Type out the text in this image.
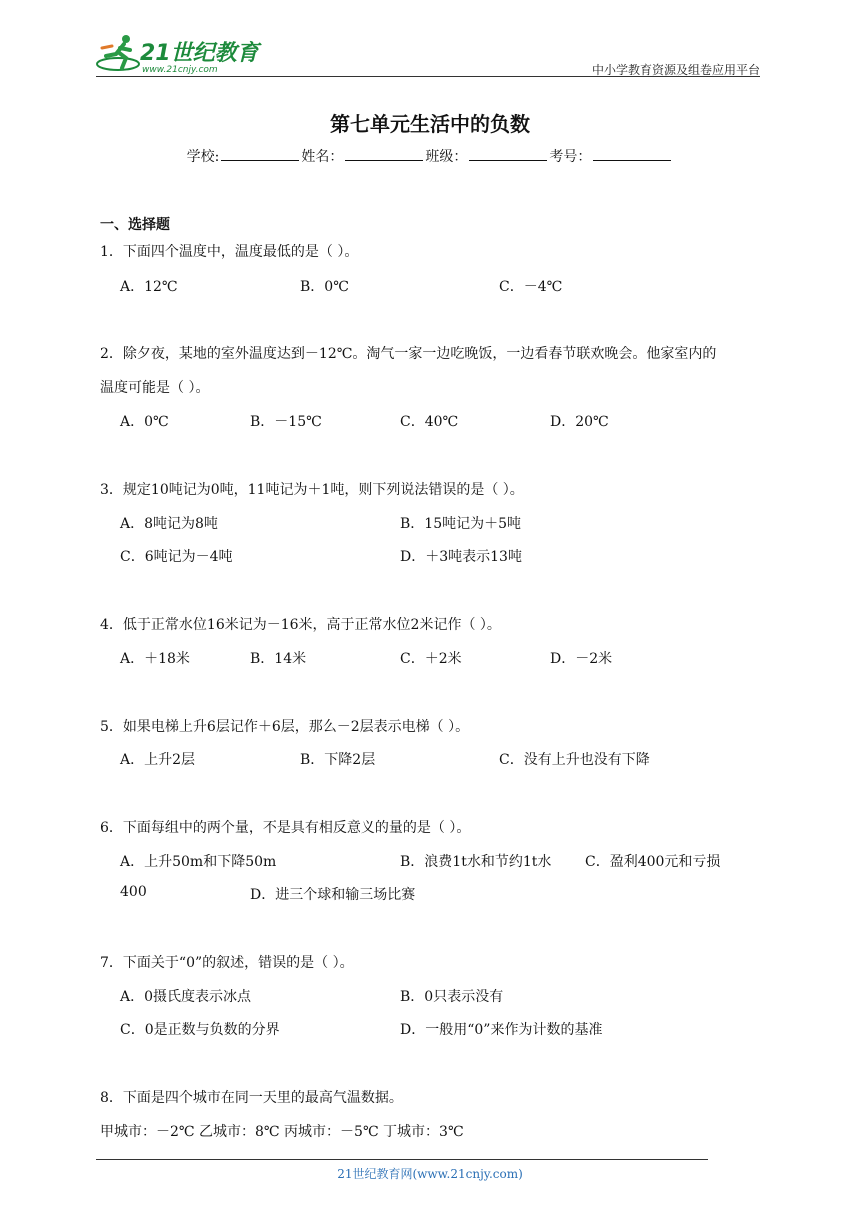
21世纪教育
www.21cnjy.com	中小学教育资源及组卷应用平台
第七单元生活中的负数
学校:	姓名：	班级：	考号：
一、选择题
1．下面四个温度中，温度最低的是（ ）。
A．12℃	B．0℃	C．－4℃
2．除夕夜，某地的室外温度达到－12℃。淘气一家一边吃晚饭，一边看春节联欢晚会。他家室内的
温度可能是（ ）。
A．0℃	B．－15℃	C．40℃	D．20℃
3．规定10吨记为0吨，11吨记为＋1吨，则下列说法错误的是（ ）。
A．8吨记为8吨	B．15吨记为＋5吨
C．6吨记为－4吨	D．＋3吨表示13吨
4．低于正常水位16米记为－16米，高于正常水位2米记作（ ）。
A．＋18米	B．14米	C．＋2米	D．－2米
5．如果电梯上升6层记作＋6层，那么－2层表示电梯（ ）。
A．上升2层	B．下降2层	C．没有上升也没有下降
6．下面每组中的两个量，不是具有相反意义的量的是（ ）。
A．上升50m和下降50m	B．浪费1t水和节约1t水 C．盈利400元和亏损
400	D．进三个球和输三场比赛
7．下面关于“0”的叙述，错误的是（ ）。
A．0摄氏度表示冰点	B．0只表示没有
C．0是正数与负数的分界	D．一般用“0”来作为计数的基准
8．下面是四个城市在同一天里的最高气温数据。
甲城市：－2℃ 乙城市：8℃ 丙城市：－5℃ 丁城市：3℃
21世纪教育网(www.21cnjy.com)
